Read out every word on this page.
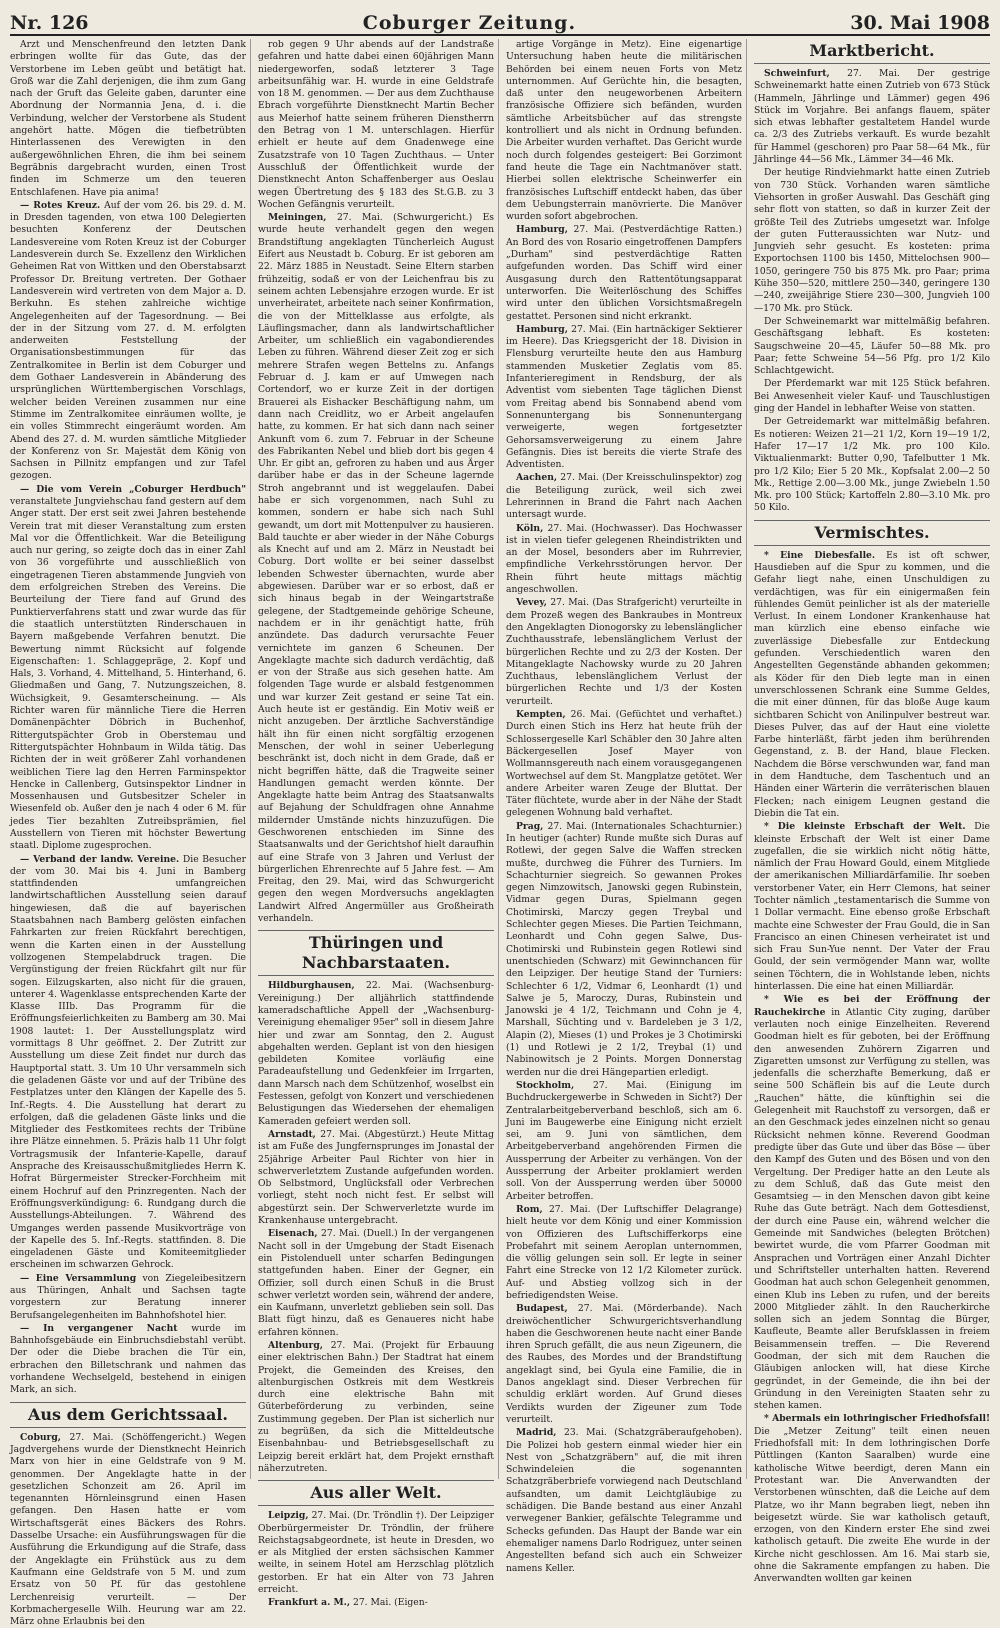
Nr. 126	Coburger Zeitung.	30. Mai 1908

Arzt und Menschenfreund den letzten Dank erbringen wollte für das Gute, das der Verstorbene im Leben geübt und betätigt hat. Groß war die Zahl derjenigen, die ihm zum Gang nach der Gruft das Geleite gaben, darunter eine Abordnung der Normannia Jena, d. i. die Verbindung, welcher der Verstorbene als Student angehört hatte. Mögen die tiefbetrübten Hinterlassenen des Verewigten in den außergewöhnlichen Ehren, die ihm bei seinem Begräbnis dargebracht wurden, einen Trost finden im Schmerze um den teueren Entschlafenen. Have pia anima!

— Rotes Kreuz. Auf der vom 26. bis 29. d. M. in Dresden tagenden, von etwa 100 Delegierten besuchten Konferenz der Deutschen Landesvereine vom Roten Kreuz ist der Coburger Landesverein durch Se. Exzellenz den Wirklichen Geheimen Rat von Wittken und den Oberstabsarzt Professor Dr. Breitung vertreten. Der Gothaer Landesverein wird vertreten von dem Major a. D. Berkuhn. Es stehen zahlreiche wichtige Angelegenheiten auf der Tagesordnung. — Bei der in der Sitzung vom 27. d. M. erfolgten anderweiten Feststellung der Organisationsbestimmungen für das Zentralkomitee in Berlin ist dem Coburger und dem Gothaer Landesverein in Abänderung des ursprünglichen Württembergischen Vorschlags, welcher beiden Vereinen zusammen nur eine Stimme im Zentralkomitee einräumen wollte, je ein volles Stimmrecht eingeräumt worden. Am Abend des 27. d. M. wurden sämtliche Mitglieder der Konferenz von Sr. Majestät dem König von Sachsen in Pillnitz empfangen und zur Tafel gezogen.

— Die vom Verein „Coburger Herdbuch" veranstaltete Jungviehschau fand gestern auf dem Anger statt. Der erst seit zwei Jahren bestehende Verein trat mit dieser Veranstaltung zum ersten Mal vor die Öffentlichkeit. War die Beteiligung auch nur gering, so zeigte doch das in einer Zahl von 36 vorgeführte und ausschließlich von eingetragenen Tieren abstammende Jungvieh von dem erfolgreichen Streben des Vereins. Die Beurteilung der Tiere fand auf Grund des Punktierverfahrens statt und zwar wurde das für die staatlich unterstützten Rinderschauen in Bayern maßgebende Verfahren benutzt. Die Bewertung nimmt Rücksicht auf folgende Eigenschaften: 1. Schlaggepräge, 2. Kopf und Hals, 3. Vorhand, 4. Mittelhand, 5. Hinterhand, 6. Gliedmaßen und Gang, 7. Nutzungszeichen, 8. Wüchsigkeit, 9. Gesamterscheinung. — Als Richter waren für männliche Tiere die Herren Domänenpächter Döbrich in Buchenhof, Rittergutspächter Grob in Oberstemau und Rittergutspächter Hohnbaum in Wilda tätig. Das Richten der in weit größerer Zahl vorhandenen weiblichen Tiere lag den Herren Farminspektor Hencke in Callenberg, Gutsinspektor Lindner in Mossenhausen und Gutsbesitzer Scheler in Wiesenfeld ob. Außer den je nach 4 oder 6 M. für jedes Tier bezahlten Zutreibsprämien, fiel Ausstellern von Tieren mit höchster Bewertung staatl. Diplome zugesprochen.

— Verband der landw. Vereine. Die Besucher der vom 30. Mai bis 4. Juni in Bamberg stattfindenden umfangreichen landwirtschaftlichen Ausstellung seien darauf hingewiesen, daß die auf bayerischen Staatsbahnen nach Bamberg gelösten einfachen Fahrkarten zur freien Rückfahrt berechtigen, wenn die Karten einen in der Ausstellung vollzogenen Stempelabdruck tragen. Die Vergünstigung der freien Rückfahrt gilt nur für sogen. Eilzugskarten, also nicht für die grauen, unterer 4. Wagenklasse entsprechenden Karte der Klasse IIIb. Das Programm für die Eröffnungsfeierlichkeiten zu Bamberg am 30. Mai 1908 lautet: 1. Der Ausstellungsplatz wird vormittags 8 Uhr geöffnet. 2. Der Zutritt zur Ausstellung um diese Zeit findet nur durch das Hauptportal statt. 3. Um 10 Uhr versammeln sich die geladenen Gäste vor und auf der Tribüne des Festplatzes unter den Klängen der Kapelle des 5. Inf.-Regts. 4. Die Ausstellung hat derart zu erfolgen, daß die geladenen Gäste links und die Mitglieder des Festkomitees rechts der Tribüne ihre Plätze einnehmen. 5. Präzis halb 11 Uhr folgt Vortragsmusik der Infanterie-Kapelle, darauf Ansprache des Kreisausschußmitgliedes Herrn K. Hofrat Bürgermeister Strecker-Forchheim mit einem Hochruf auf den Prinzregenten. Nach der Eröffnungsverkündigung: 6. Rundgang durch die Ausstellungs-Abteilungen. 7. Während des Umganges werden passende Musikvorträge von der Kapelle des 5. Inf.-Regts. stattfinden. 8. Die eingeladenen Gäste und Komiteemitglieder erscheinen im schwarzen Gehrock.

— Eine Versammlung von Ziegeleibesitzern aus Thüringen, Anhalt und Sachsen tagte vorgestern zur Beratung innerer Berufsangelegenheiten im Bahnhofshotel hier.

— In vergangener Nacht wurde im Bahnhofsgebäude ein Einbruchsdiebstahl verübt. Der oder die Diebe brachen die Tür ein, erbrachen den Billetschrank und nahmen das vorhandene Wechselgeld, bestehend in einigen Mark, an sich.

Aus dem Gerichtssaal.

Coburg, 27. Mai. (Schöffengericht.) Wegen Jagdvergehens wurde der Dienstknecht Heinrich Marx von hier in eine Geldstrafe von 9 M. genommen. Der Angeklagte hatte in der gesetzlichen Schonzeit am 26. April im tegenannten Hörnleinsgrund einen Hasen gefangen. Den Hasen hatte er vom Wirtschaftsgerät eines Bäckers des Rohrs. Dasselbe Ursache: ein Ausführungswagen für die Ausführung die Erkundigung auf die Strafe, dass der Angeklagte ein Frühstück aus zu dem Kaufmann eine Geldstrafe von 5 M. und zum Ersatz von 50 Pf. für das gestohlene Lerchenreisig verurteilt. — Der Korbmachergeselle Wilh. Heurung war am 22. März ohne Erlaubnis bei den

rob gegen 9 Uhr abends auf der Landstraße gefahren und hatte dabei einen 60jährigen Mann niedergeworfen, sodaß letzterer 3 Tage arbeitsunfähig war. H. wurde in eine Geldstrafe von 18 M. genommen. — Der aus dem Zuchthause Ebrach vorgeführte Dienstknecht Martin Becher aus Meierhof hatte seinem früheren Dienstherrn den Betrag von 1 M. unterschlagen. Hierfür erhielt er heute auf dem Gnadenwege eine Zusatzstrafe von 10 Tagen Zuchthaus. — Unter Ausschluß der Öffentlichkeit wurde der Dienstknecht Anton Schaffenberger aus Oeslau wegen Übertretung des § 183 des St.G.B. zu 3 Wochen Gefängnis verurteilt.

Meiningen, 27. Mai. (Schwurgericht.) Es wurde heute verhandelt gegen den wegen Brandstiftung angeklagten Tüncherleich August Eifert aus Neustadt b. Coburg. Er ist geboren am 22. März 1885 in Neustadt. Seine Eltern starben frühzeitig, sodaß er von der Leichenfrau bis zu seinem achten Lebensjahre erzogen wurde. Er ist unverheiratet, arbeitete nach seiner Konfirmation, die von der Mittelklasse aus erfolgte, als Läuflingsmacher, dann als landwirtschaftlicher Arbeiter, um schließlich ein vagabondierendes Leben zu führen. Während dieser Zeit zog er sich mehrere Strafen wegen Bettelns zu. Anfangs Februar d. J. kam er auf Umwegen nach Cortendorf, wo er kurze Zeit in der dortigen Brauerei als Eishacker Beschäftigung nahm, um dann nach Creidlitz, wo er Arbeit angelaufen hatte, zu kommen. Er hat sich dann nach seiner Ankunft vom 6. zum 7. Februar in der Scheune des Fabrikanten Nebel und blieb dort bis gegen 4 Uhr. Er gibt an, gefroren zu haben und aus Ärger darüber habe er das in der Scheune lagernde Stroh angebrannt und ist weggelaufen. Dabei habe er sich vorgenommen, nach Suhl zu kommen, sondern er habe sich nach Suhl gewandt, um dort mit Mottenpulver zu hausieren. Bald tauchte er aber wieder in der Nähe Coburgs als Knecht auf und am 2. März in Neustadt bei Coburg. Dort wollte er bei seiner dasselbst lebenden Schwester übernachten, wurde aber abgewiesen. Darüber war er so erbost, daß er sich hinaus begab in der Weingartstraße gelegene, der Stadtgemeinde gehörige Scheune, nachdem er in ihr genächtigt hatte, früh anzündete. Das dadurch verursachte Feuer vernichtete im ganzen 6 Scheunen. Der Angeklagte machte sich dadurch verdächtig, daß er von der Straße aus sich gesehen hatte. Am folgenden Tage wurde er alsbald festgenommen und war kurzer Zeit gestand er seine Tat ein. Auch heute ist er geständig. Ein Motiv weiß er nicht anzugeben. Der ärztliche Sachverständige hält ihn für einen nicht sorgfältig erzogenen Menschen, der wohl in seiner Ueberlegung beschränkt ist, doch nicht in dem Grade, daß er nicht begriffen hätte, daß die Tragweite seiner Handlungen gemacht werden könnte. Der Angeklagte hatte beim Antrag des Staatsanwalts auf Bejahung der Schuldfragen ohne Annahme mildernder Umstände nichts hinzuzufügen. Die Geschworenen entschieden im Sinne des Staatsanwalts und der Gerichtshof hielt daraufhin auf eine Strafe von 3 Jahren und Verlust der bürgerlichen Ehrenrechte auf 5 Jahre fest. — Am Freitag, den 29. Mai, wird das Schwurgericht gegen den wegen Mordversuchs angeklagten Landwirt Alfred Angermüller aus Großheirath verhandeln.

Thüringen und Nachbarstaaten.

Hildburghausen, 22. Mai. (Wachsenburg-Vereinigung.) Der alljährlich stattfindende kameradschaftliche Appell der „Wachsenburg-Vereinigung ehemaliger 95er" soll in diesem Jahre hier und zwar am Sonntag, den 2. August abgehalten werden. Geplant ist von den hiesigen gebildeten Komitee vorläufig eine Paradeaufstellung und Gedenkfeier im Irrgarten, dann Marsch nach dem Schützenhof, woselbst ein Festessen, gefolgt von Konzert und verschiedenen Belustigungen das Wiedersehen der ehemaligen Kameraden gefeiert werden soll.

Arnstadt, 27. Mai. (Abgestürzt.) Heute Mittag ist am Fuße des Jungfernsprunges im Jonastal der 25jährige Arbeiter Paul Richter von hier in schwerverletztem Zustande aufgefunden worden. Ob Selbstmord, Unglücksfall oder Verbrechen vorliegt, steht noch nicht fest. Er selbst will abgestürzt sein. Der Schwerverletzte wurde im Krankenhause untergebracht.

Eisenach, 27. Mai. (Duell.) In der vergangenen Nacht soll in der Umgebung der Stadt Eisenach ein Pistolenduell unter scharfen Bedingungen stattgefunden haben. Einer der Gegner, ein Offizier, soll durch einen Schuß in die Brust schwer verletzt worden sein, während der andere, ein Kaufmann, unverletzt geblieben sein soll. Das Blatt fügt hinzu, daß es Genaueres nicht habe erfahren können.

Altenburg, 27. Mai. (Projekt für Erbauung einer elektrischen Bahn.) Der Stadtrat hat einem Projekt, die Gemeinden des Kreises, den altenburgischen Ostkreis mit dem Westkreis durch eine elektrische Bahn mit Güterbeförderung zu verbinden, seine Zustimmung gegeben. Der Plan ist sicherlich nur zu begrüßen, da sich die Mitteldeutsche Eisenbahnbau- und Betriebsgesellschaft zu Leipzig bereit erklärt hat, dem Projekt ernsthaft näherzutreten.

Aus aller Welt.

Leipzig, 27. Mai. (Dr. Tröndlin †). Der Leipziger Oberbürgermeister Dr. Tröndlin, der frühere Reichstagsabgeordnete, ist heute in Dresden, wo er als Mitglied der ersten sächsischen Kammer weilte, in seinem Hotel am Herzschlag plötzlich gestorben. Er hat ein Alter von 73 Jahren erreicht.

Frankfurt a. M., 27. Mai. (Eigen-

artige Vorgänge in Metz). Eine eigenartige Untersuchung haben heute die militärischen Behörden bei einem neuen Forts von Metz unternommen. Auf Gerüchte hin, die besagten, daß unter den neugeworbenen Arbeitern französische Offiziere sich befänden, wurden sämtliche Arbeitsbücher auf das strengste kontrolliert und als nicht in Ordnung befunden. Die Arbeiter wurden verhaftet. Das Gericht wurde noch durch folgendes gesteigert: Bei Gorzimont fand heute die Tage ein Nachtmanöver statt. Hierbei sollen elektrische Scheinwerfer ein französisches Luftschiff entdeckt haben, das über dem Uebungsterrain manövrierte. Die Manöver wurden sofort abgebrochen.

Hamburg, 27. Mai. (Pestverdächtige Ratten.) An Bord des von Rosario eingetroffenen Dampfers „Durham" sind pestverdächtige Ratten aufgefunden worden. Das Schiff wird einer Ausgasung durch den Rattentötungsapparat unterworfen. Die Weiterlöschung des Schiffes wird unter den üblichen Vorsichtsmaßregeln gestattet. Personen sind nicht erkrankt.

Hamburg, 27. Mai. (Ein hartnäckiger Sektierer im Heere). Das Kriegsgericht der 18. Division in Flensburg verurteilte heute den aus Hamburg stammenden Musketier Zeglatis vom 85. Infanterieregiment in Rendsburg, der als Adventist vom siebenten Tage täglichen Dienst vom Freitag abend bis Sonnabend abend vom Sonnenuntergang bis Sonnenuntergang verweigerte, wegen fortgesetzter Gehorsamsverweigerung zu einem Jahre Gefängnis. Dies ist bereits die vierte Strafe des Adventisten.

Aachen, 27. Mai. (Der Kreisschulinspektor) zog die Beteiligung zurück, weil sich zwei Lehrerinnen in Brand die Fahrt nach Aachen untersagt wurde.

Köln, 27. Mai. (Hochwasser). Das Hochwasser ist in vielen tiefer gelegenen Rheindistrikten und an der Mosel, besonders aber im Ruhrrevier, empfindliche Verkehrsstörungen hervor. Der Rhein führt heute mittags mächtig angeschwollen.

Vevey, 27. Mai. (Das Strafgericht) verurteilte in dem Prozeß wegen des Bankraubes in Montreux den Angeklagten Dionogorsky zu lebenslänglicher Zuchthausstrafe, lebenslänglichem Verlust der bürgerlichen Rechte und zu 2/3 der Kosten. Der Mitangeklagte Nachowsky wurde zu 20 Jahren Zuchthaus, lebenslänglichem Verlust der bürgerlichen Rechte und 1/3 der Kosten verurteilt.

Kempten, 26. Mai. (Gefüchtet und verhaftet.) Durch einen Stich ins Herz hat heute früh der Schlossergeselle Karl Schäbler den 30 Jahre alten Bäckergesellen Josef Mayer von Wollmannsgereuth nach einem vorausgegangenen Wortwechsel auf dem St. Mangplatze getötet. Wer andere Arbeiter waren Zeuge der Bluttat. Der Täter flüchtete, wurde aber in der Nähe der Stadt gelegenen Wohnung bald verhaftet.

Prag, 27. Mai. (Internationales Schachturnier.) In heutiger (achter) Runde mußte sich Duras auf Rotlewi, der gegen Salve die Waffen strecken mußte, durchweg die Führer des Turniers. Im Schachturnier siegreich. So gewannen Prokes gegen Nimzowitsch, Janowski gegen Rubinstein, Vidmar gegen Duras, Spielmann gegen Chotimirski, Marczy gegen Treybal und Schlechter gegen Mieses. Die Partien Teichmann, Leonhardt und Cohn gegen Salwe, Dus-Chotimirski und Rubinstein gegen Rotlewi sind unentschieden (Schwarz) mit Gewinnchancen für den Leipziger. Der heutige Stand der Turniers: Schlechter 6 1/2, Vidmar 6, Leonhardt (1) und Salwe je 5, Maroczy, Duras, Rubinstein und Janowski je 4 1/2, Teichmann und Cohn je 4, Marshall, Süchting und v. Bardeleben je 3 1/2, Alapin (2), Mieses (1) und Prokes je 3 Chotimirski (1) und Rotlewi je 2 1/2, Treybal (1) und Nabinowitsch je 2 Points. Morgen Donnerstag werden nur die drei Hängepartien erledigt.

Stockholm, 27. Mai. (Einigung im Buchdruckergewerbe in Schweden in Sicht?) Der Zentralarbeitgeberverband beschloß, sich am 6. Juni im Baugewerbe eine Einigung nicht erzielt sei, am 9. Juni von sämtlichen, dem Arbeitgeberverband angehörenden Firmen die Aussperrung der Arbeiter zu verhängen. Von der Aussperrung der Arbeiter proklamiert werden soll. Von der Aussperrung werden über 50000 Arbeiter betroffen.

Rom, 27. Mai. (Der Luftschiffer Delagrange) hielt heute vor dem König und einer Kommission von Offizieren des Luftschifferkorps eine Probefahrt mit seinem Aeroplan unternommen, die völlig gelungen sein soll. Er legte in seiner Fahrt eine Strecke von 12 1/2 Kilometer zurück. Auf- und Abstieg vollzog sich in der befriedigendsten Weise.

Budapest, 27. Mai. (Mörderbande). Nach dreiwöchentlicher Schwurgerichtsverhandlung haben die Geschworenen heute nacht einer Bande ihren Spruch gefällt, die aus neun Zigeunern, die des Raubes, des Mordes und der Brandstiftung angeklagt sind, bei Gyula eine Familie, die in Danos angeklagt sind. Dieser Verbrechen für schuldig erklärt worden. Auf Grund dieses Verdikts wurden der Zigeuner zum Tode verurteilt.

Madrid, 23. Mai. (Schatzgräberaufgehoben). Die Polizei hob gestern einmal wieder hier ein Nest von „Schatzgräbern" auf, die mit ihren Schwindeleien die sogenannten Schatzgräberbriefe vorwiegend nach Deutschland aufsandten, um damit Leichtgläubige zu schädigen. Die Bande bestand aus einer Anzahl verwegener Bankier, gefälschte Telegramme und Schecks gefunden. Das Haupt der Bande war ein ehemaliger namens Darlo Rodriguez, unter seinen Angestellten befand sich auch ein Schweizer namens Keller.

Marktbericht.

Schweinfurt, 27. Mai. Der gestrige Schweinemarkt hatte einen Zutrieb von 673 Stück (Hammeln, Jährlinge und Lämmer) gegen 496 Stück im Vorjahre. Bei anfangs flauem, später sich etwas lebhafter gestaltetem Handel wurde ca. 2/3 des Zutriebs verkauft. Es wurde bezahlt für Hammel (geschoren) pro Paar 58—64 Mk., für Jährlinge 44—56 Mk., Lämmer 34—46 Mk.

Der heutige Rindviehmarkt hatte einen Zutrieb von 730 Stück. Vorhanden waren sämtliche Viehsorten in großer Auswahl. Das Geschäft ging sehr flott von statten, so daß in kurzer Zeit der größte Teil des Zutriebs umgesetzt war. Infolge der guten Futteraussichten war Nutz- und Jungvieh sehr gesucht. Es kosteten: prima Exportochsen 1100 bis 1450, Mittelochsen 900—1050, geringere 750 bis 875 Mk. pro Paar; prima Kühe 350—520, mittlere 250—340, geringere 130—240, zweijährige Stiere 230—300, Jungvieh 100—170 Mk. pro Stück.

Der Schweinemarkt war mittelmäßig befahren. Geschäftsgang lebhaft. Es kosteten: Saugschweine 20—45, Läufer 50—88 Mk. pro Paar; fette Schweine 54—56 Pfg. pro 1/2 Kilo Schlachtgewicht.

Der Pferdemarkt war mit 125 Stück befahren. Bei Anwesenheit vieler Kauf- und Tauschlustigen ging der Handel in lebhafter Weise von statten.

Der Getreidemarkt war mittelmäßig befahren. Es notieren: Weizen 21—21 1/2, Korn 19—19 1/2, Hafer 17—17 1/2 Mk. pro 100 Kilo. Viktualienmarkt: Butter 0,90, Tafelbutter 1 Mk. pro 1/2 Kilo; Eier 5 20 Mk., Kopfsalat 2.00—2 50 Mk., Rettige 2.00—3.00 Mk., junge Zwiebeln 1.50 Mk. pro 100 Stück; Kartoffeln 2.80—3.10 Mk. pro 50 Kilo.

Vermischtes.

* Eine Diebesfalle. Es ist oft schwer, Hausdieben auf die Spur zu kommen, und die Gefahr liegt nahe, einen Unschuldigen zu verdächtigen, was für ein einigermaßen fein fühlendes Gemüt peinlicher ist als der materielle Verlust. In einem Londoner Krankenhause hat man kürzlich eine ebenso einfache wie zuverlässige Diebesfalle zur Entdeckung gefunden. Verschiedentlich waren den Angestellten Gegenstände abhanden gekommen; als Köder für den Dieb legte man in einen unverschlossenen Schrank eine Summe Geldes, die mit einer dünnen, für das bloße Auge kaum sichtbaren Schicht von Anilinpulver bestreut war. Dieses Pulver, das auf der Haut eine violette Farbe hinterläßt, färbt jeden ihm berührenden Gegenstand, z. B. der Hand, blaue Flecken. Nachdem die Börse verschwunden war, fand man in dem Handtuche, dem Taschentuch und an Händen einer Wärterin die verräterischen blauen Flecken; nach einigem Leugnen gestand die Diebin die Tat ein.

* Die kleinste Erbschaft der Welt. Die kleinste Erbschaft der Welt ist einer Dame zugefallen, die sie wirklich nicht nötig hätte, nämlich der Frau Howard Gould, einem Mitgliede der amerikanischen Milliardärfamilie. Ihr soeben verstorbener Vater, ein Herr Clemons, hat seiner Tochter nämlich „testamentarisch die Summe von 1 Dollar vermacht. Eine ebenso große Erbschaft machte eine Schwester der Frau Gould, die in San Francisco an einen Chinesen verheiratet ist und sich Frau Sun-Yue nennt. Der Vater der Frau Gould, der sein vermögender Mann war, wollte seinen Töchtern, die in Wohlstande leben, nichts hinterlassen. Die eine hat einen Milliardär.

* Wie es bei der Eröffnung der Rauchekirche in Atlantic City zuging, darüber verlauten noch einige Einzelheiten. Reverend Goodman hielt es für geboten, bei der Eröffnung den anwesenden Zuhörern Zigarren und Zigaretten umsonst zur Verfügung zu stellen, was jedenfalls die scherzhafte Bemerkung, daß er seine 500 Schäflein bis auf die Leute durch „Rauchen" hätte, die künftighin sei die Gelegenheit mit Rauchstoff zu versorgen, daß er an den Geschmack jedes einzelnen nicht so genau Rücksicht nehmen könne. Reverend Goodman predigte über das Gute und über das Böse — über den Kampf des Guten und des Bösen und von den Vergeltung. Der Prediger hatte an den Leute als zu dem Schluß, daß das Gute meist den Gesamtsieg — in den Menschen davon gibt keine Ruhe das Gute beträgt. Nach dem Gottesdienst, der durch eine Pause ein, während welcher die Gemeinde mit Sandwiches (belegten Brötchen) bewirtet wurde, die vom Pfarrer Goodman mit Ansprachen und Vorträgen einer Anzahl Dichter und Schriftsteller unterhalten hatten. Reverend Goodman hat auch schon Gelegenheit genommen, einen Klub ins Leben zu rufen, und der bereits 2000 Mitglieder zählt. In den Raucherkirche sollen sich an jedem Sonntag die Bürger, Kaufleute, Beamte aller Berufsklassen in freiem Beisammensein treffen. — Die Reverend Goodman, der sich mit dem Rauchen die Gläubigen anlocken will, hat diese Kirche gegründet, in der Gemeinde, die ihn bei der Gründung in den Vereinigten Staaten sehr zu stehen kamen.

* Abermals ein lothringischer Friedhofsfall! Die „Metzer Zeitung" teilt einen neuen Friedhofsfall mit: In dem lothringischen Dorfe Püttlingen (Kanton Saaralben) wurde eine katholische Witwe beerdigt, deren Mann ein Protestant war. Die Anverwandten der Verstorbenen wünschten, daß die Leiche auf dem Platze, wo ihr Mann begraben liegt, neben ihn beigesetzt würde. Sie war katholisch getauft, erzogen, von den Kindern erster Ehe sind zwei katholisch getauft. Die zweite Ehe wurde in der Kirche nicht geschlossen. Am 16. Mai starb sie, ohne die Sakramente empfangen zu haben. Die Anverwandten wollten gar keinen
